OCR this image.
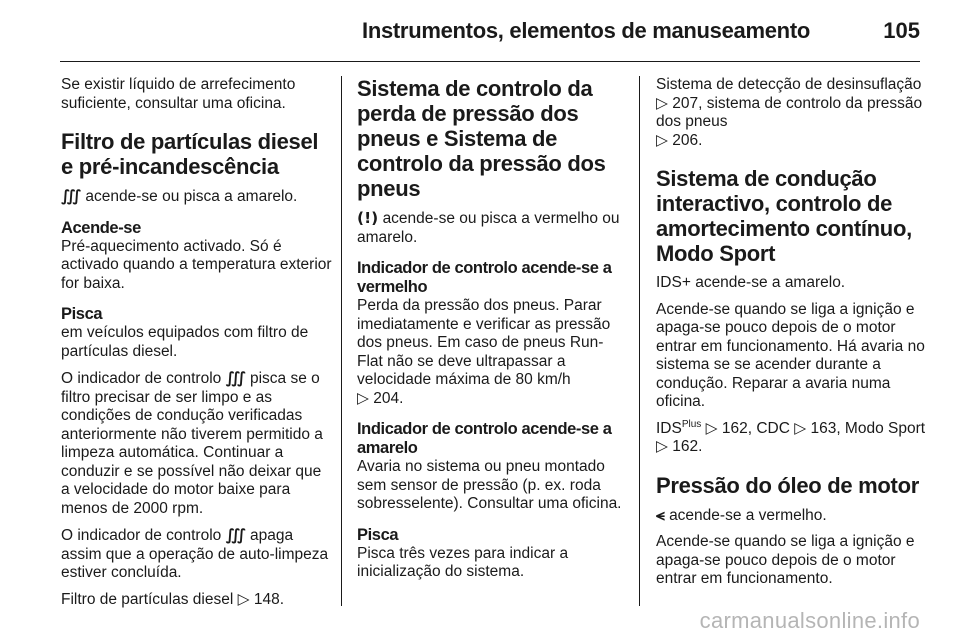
Instrumentos, elementos de manuseamento	105

Se existir líquido de arrefecimento suficiente, consultar uma oficina.

Filtro de partículas diesel e pré-incandescência

∭ acende-se ou pisca a amarelo.

Acende-se

Pré-aquecimento activado. Só é activado quando a temperatura exterior for baixa.

Pisca

em veículos equipados com filtro de partículas diesel.

O indicador de controlo ∭ pisca se o filtro precisar de ser limpo e as condições de condução verificadas anteriormente não tiverem permitido a limpeza automática. Continuar a conduzir e se possível não deixar que a velocidade do motor baixe para menos de 2000 rpm.

O indicador de controlo ∭ apaga assim que a operação de auto-limpeza estiver concluída.

Filtro de partículas diesel ▷ 148.

Sistema de controlo da perda de pressão dos pneus e Sistema de controlo da pressão dos pneus

(!) acende-se ou pisca a vermelho ou amarelo.

Indicador de controlo acende-se a vermelho

Perda da pressão dos pneus. Parar imediatamente e verificar as pressão dos pneus. Em caso de pneus Run-Flat não se deve ultrapassar a velocidade máxima de 80 km/h
▷ 204.

Indicador de controlo acende-se a amarelo

Avaria no sistema ou pneu montado sem sensor de pressão (p. ex. roda sobresselente). Consultar uma oficina.

Pisca

Pisca três vezes para indicar a inicialização do sistema.

Sistema de detecção de desinsuflação ▷ 207, sistema de controlo da pressão dos pneus
▷ 206.

Sistema de condução interactivo, controlo de amortecimento contínuo, Modo Sport

IDS+ acende-se a amarelo.

Acende-se quando se liga a ignição e apaga-se pouco depois de o motor entrar em funcionamento. Há avaria no sistema se se acender durante a condução. Reparar a avaria numa oficina.

$IDS^{Plus}$ ▷ 162, CDC ▷ 163, Modo Sport ▷ 162.

Pressão do óleo de motor

⪪ acende-se a vermelho.

Acende-se quando se liga a ignição e apaga-se pouco depois de o motor entrar em funcionamento.

carmanualsonline.info
